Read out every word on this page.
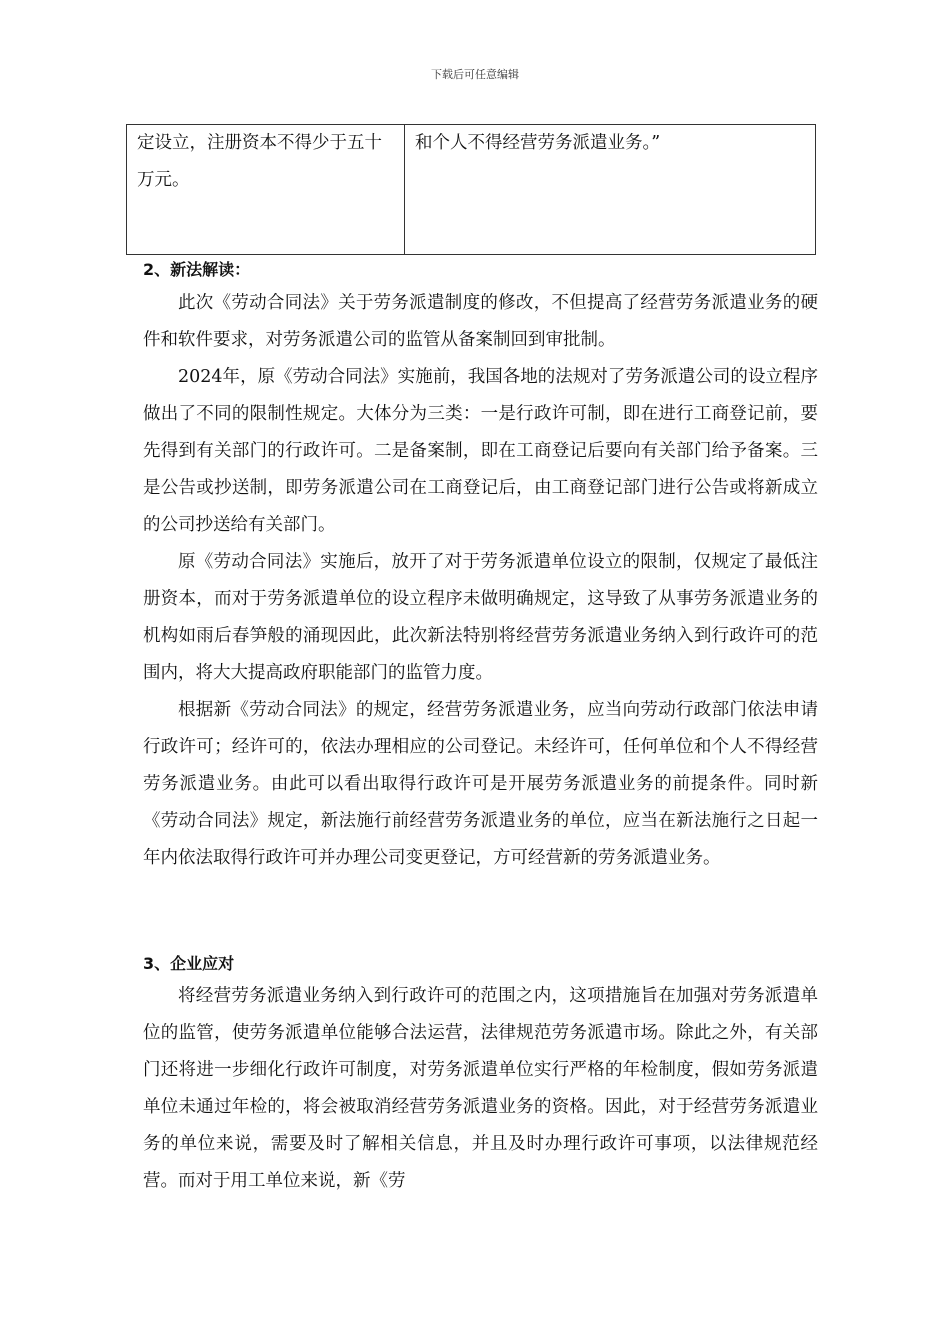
下载后可任意编辑
定设立，注册资本不得少于五十万元。	和个人不得经营劳务派遣业务。”
2、新法解读：

此次《劳动合同法》关于劳务派遣制度的修改，不但提高了经营劳务派遣业务的硬件和软件要求，对劳务派遣公司的监管从备案制回到审批制。

2024年，原《劳动合同法》实施前，我国各地的法规对了劳务派遣公司的设立程序做出了不同的限制性规定。大体分为三类：一是行政许可制，即在进行工商登记前，要先得到有关部门的行政许可。二是备案制，即在工商登记后要向有关部门给予备案。三是公告或抄送制，即劳务派遣公司在工商登记后，由工商登记部门进行公告或将新成立的公司抄送给有关部门。

原《劳动合同法》实施后，放开了对于劳务派遣单位设立的限制，仅规定了最低注册资本，而对于劳务派遣单位的设立程序未做明确规定，这导致了从事劳务派遣业务的机构如雨后春笋般的涌现因此，此次新法特别将经营劳务派遣业务纳入到行政许可的范围内，将大大提高政府职能部门的监管力度。

根据新《劳动合同法》的规定，经营劳务派遣业务，应当向劳动行政部门依法申请行政许可；经许可的，依法办理相应的公司登记。未经许可，任何单位和个人不得经营劳务派遣业务。由此可以看出取得行政许可是开展劳务派遣业务的前提条件。同时新《劳动合同法》规定，新法施行前经营劳务派遣业务的单位，应当在新法施行之日起一年内依法取得行政许可并办理公司变更登记，方可经营新的劳务派遣业务。

3、企业应对

将经营劳务派遣业务纳入到行政许可的范围之内，这项措施旨在加强对劳务派遣单位的监管，使劳务派遣单位能够合法运营，法律规范劳务派遣市场。除此之外，有关部门还将进一步细化行政许可制度，对劳务派遣单位实行严格的年检制度，假如劳务派遣单位未通过年检的，将会被取消经营劳务派遣业务的资格。因此，对于经营劳务派遣业务的单位来说，需要及时了解相关信息，并且及时办理行政许可事项，以法律规范经营。而对于用工单位来说，新《劳
